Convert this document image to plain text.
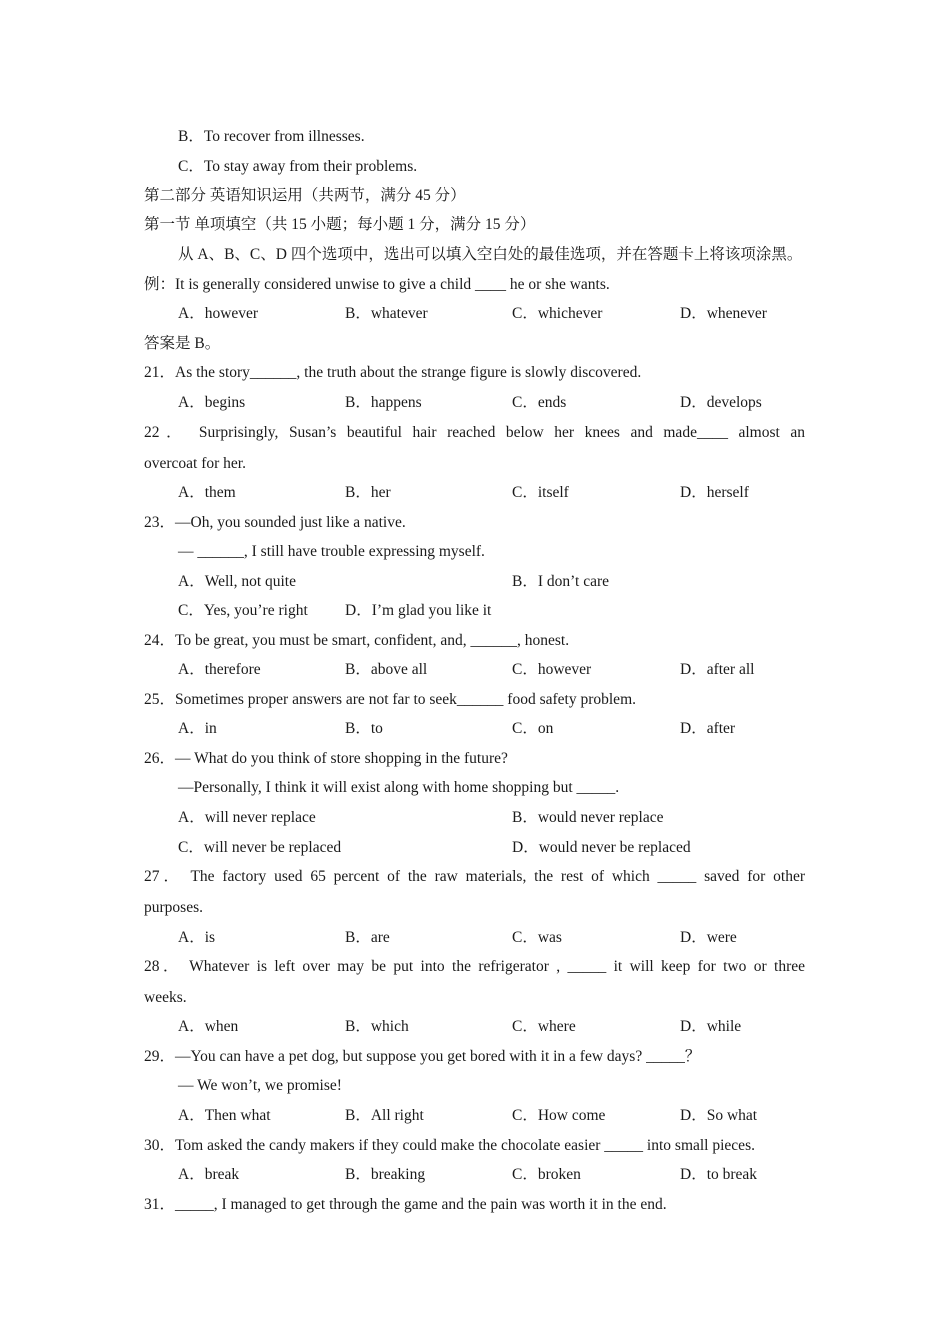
B．To recover from illnesses.
C．To stay away from their problems.
第二部分 英语知识运用（共两节，满分 45 分）
第一节 单项填空（共 15 小题；每小题 1 分，满分 15 分）
从 A、B、C、D 四个选项中，选出可以填入空白处的最佳选项，并在答题卡上将该项涂黑。
例：It is generally considered unwise to give a child ____ he or she wants.
A．however	B．whatever	C．whichever	D．whenever
答案是 B。
21．As the story______, the truth about the strange figure is slowly discovered.
A．begins	B．happens	C．ends	D．develops
22． Surprisingly, Susan’s beautiful hair reached below her knees and made____ almost an
overcoat for her.
A．them	B．her	C．itself	D．herself
23．—Oh, you sounded just like a native.
— ______, I still have trouble expressing myself.
A．Well, not quite	B．I don’t care
C．Yes, you’re right D．I’m glad you like it
24．To be great, you must be smart, confident, and, ______, honest.
A．therefore	B．above all	C．however	D．after all
25．Sometimes proper answers are not far to seek______ food safety problem.
A．in	B．to	C．on	D．after
26．— What do you think of store shopping in the future?
—Personally, I think it will exist along with home shopping but _____.
A．will never replace	B．would never replace
C．will never be replaced	D．would never be replaced
27． The factory used 65 percent of the raw materials, the rest of which _____ saved for other
purposes.
A．is	B．are	C．was	D．were
28． Whatever is left over may be put into the refrigerator , _____ it will keep for two or three
weeks.
A．when	B．which	C．where	D．while
29．—You can have a pet dog, but suppose you get bored with it in a few days? _____？
— We won’t, we promise!
A．Then what	B．All right	C．How come	D．So what
30．Tom asked the candy makers if they could make the chocolate easier _____ into small pieces.
A．break	B．breaking	C．broken	D．to break
31．_____, I managed to get through the game and the pain was worth it in the end.
